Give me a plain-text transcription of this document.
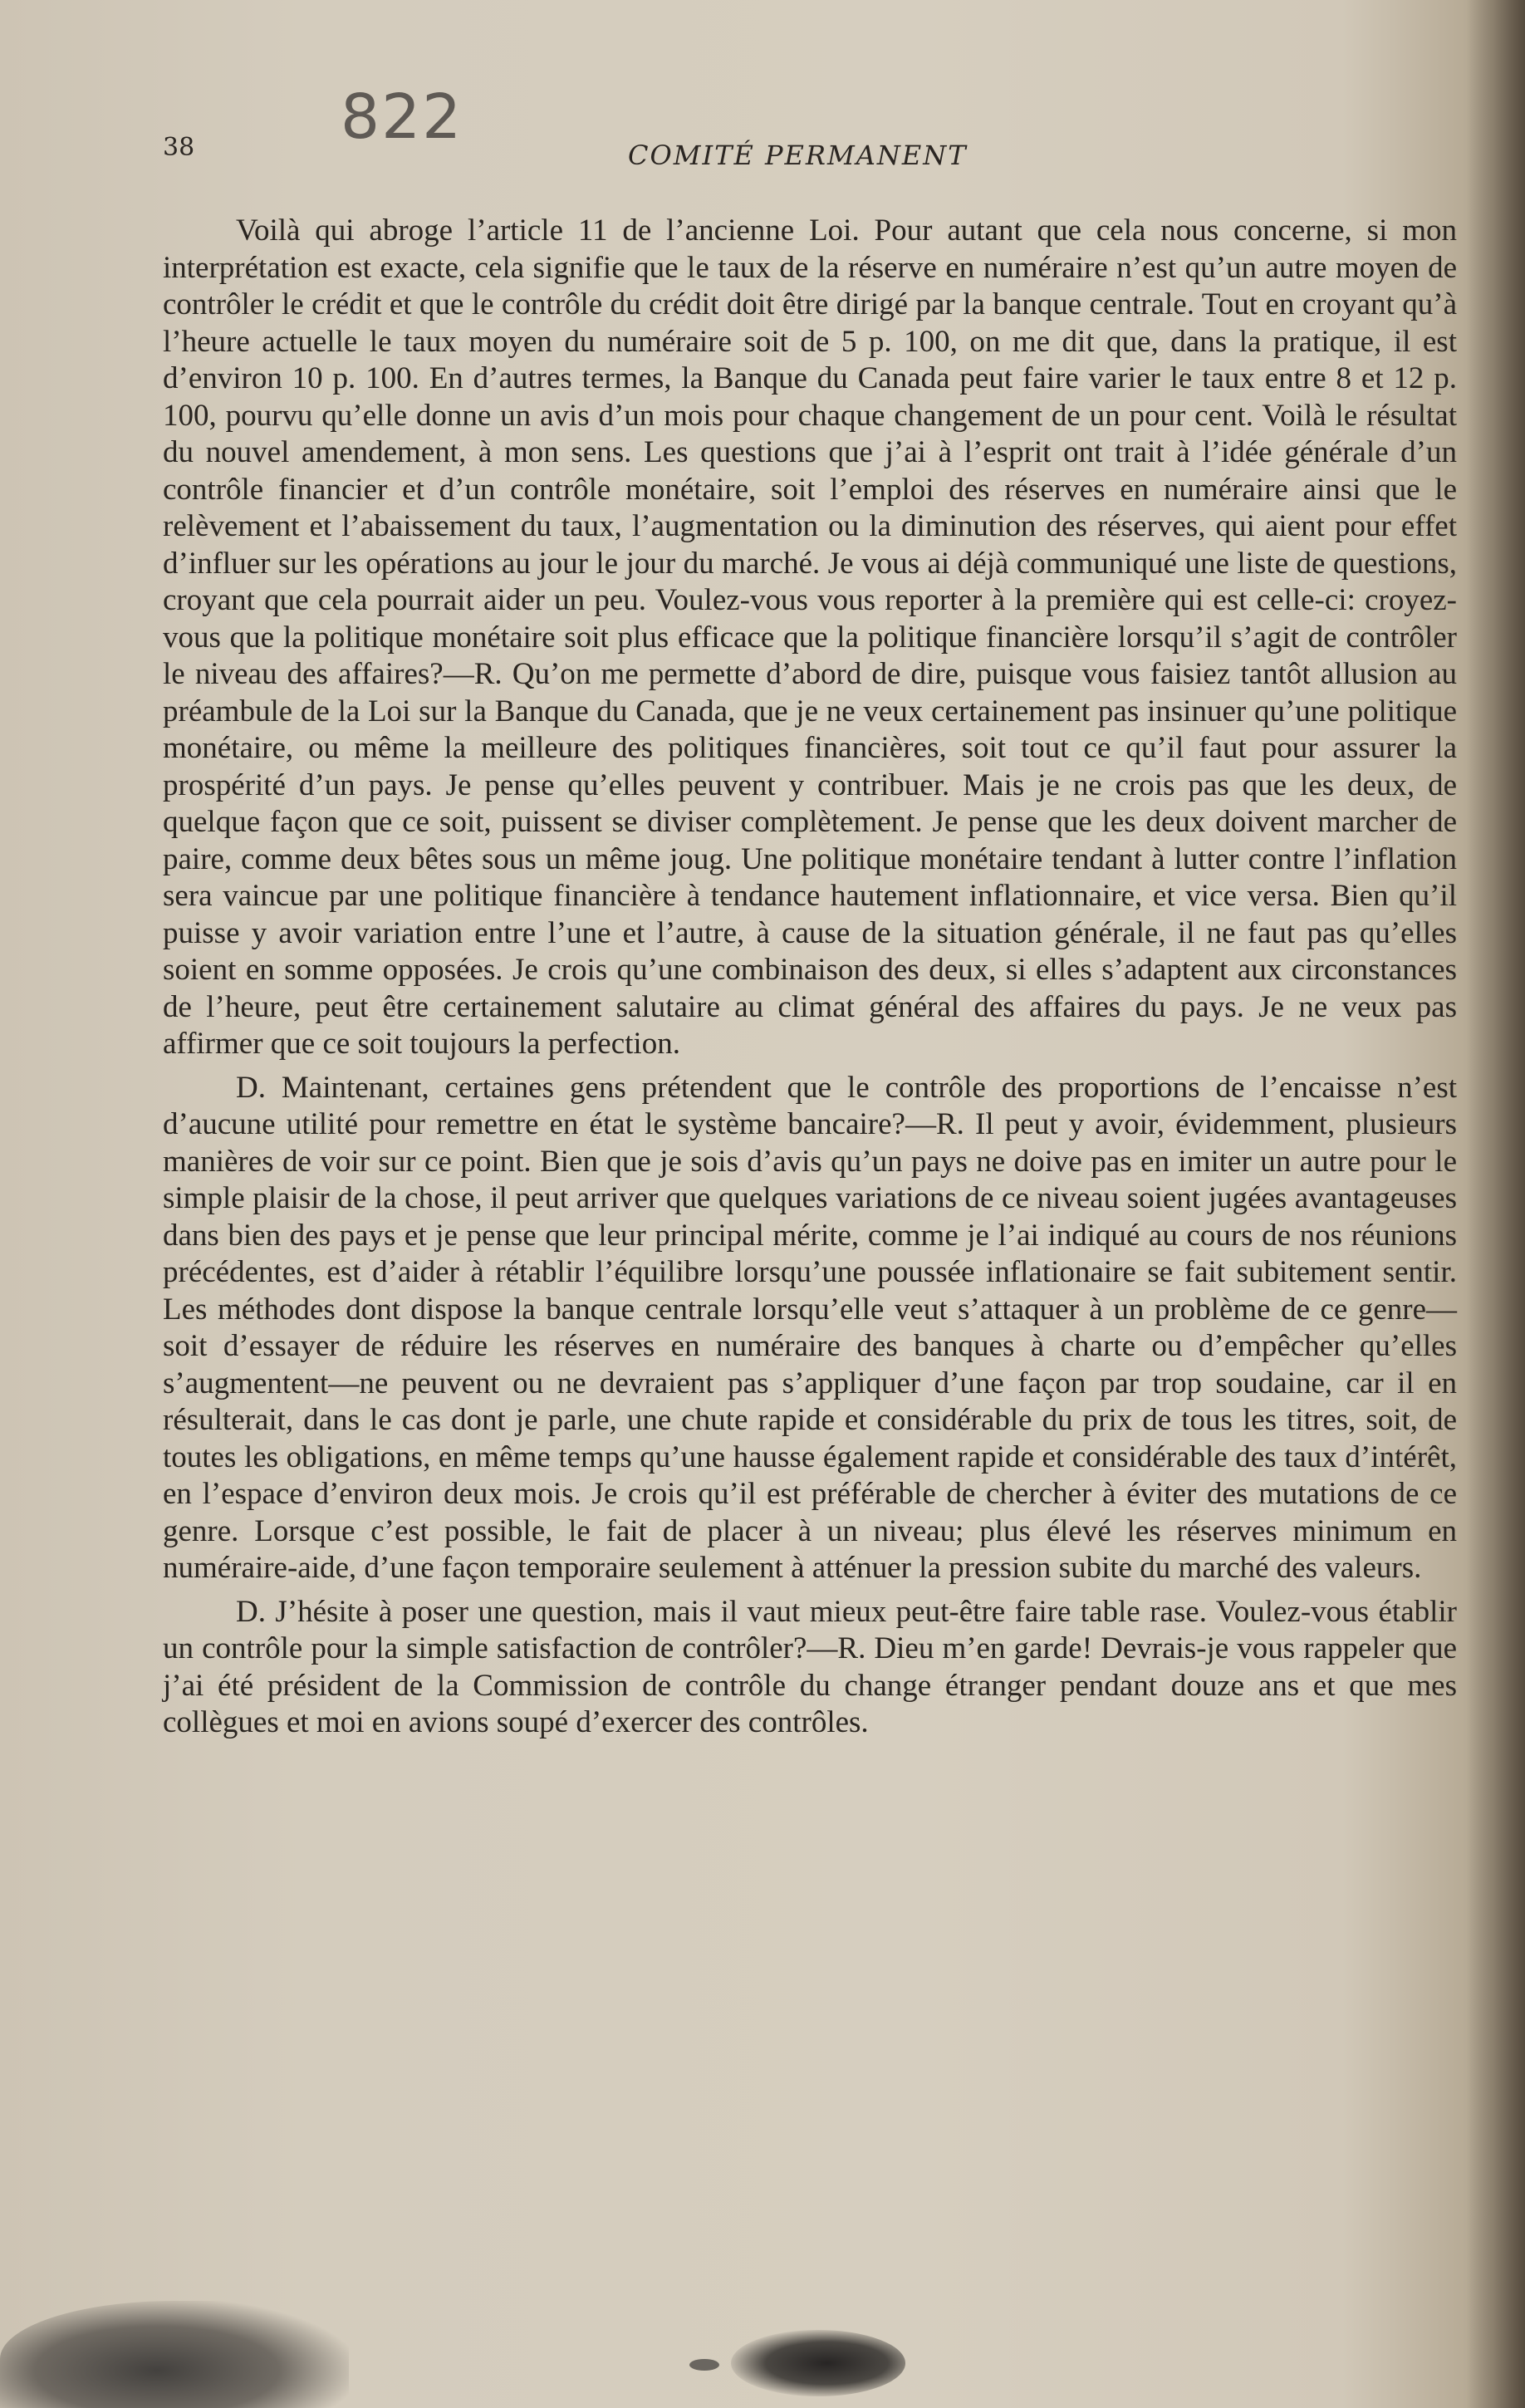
822
38	COMITÉ PERMANENT

Voilà qui abroge l’article 11 de l’ancienne Loi. Pour autant que cela nous concerne, si mon interprétation est exacte, cela signifie que le taux de la réserve en numéraire n’est qu’un autre moyen de contrôler le crédit et que le contrôle du crédit doit être dirigé par la banque centrale. Tout en croyant qu’à l’heure actuelle le taux moyen du numéraire soit de 5 p. 100, on me dit que, dans la pratique, il est d’environ 10 p. 100. En d’autres termes, la Banque du Canada peut faire varier le taux entre 8 et 12 p. 100, pourvu qu’elle donne un avis d’un mois pour chaque changement de un pour cent. Voilà le résultat du nouvel amendement, à mon sens. Les questions que j’ai à l’esprit ont trait à l’idée générale d’un contrôle financier et d’un contrôle monétaire, soit l’emploi des réserves en numéraire ainsi que le relèvement et l’abaissement du taux, l’augmentation ou la diminution des réserves, qui aient pour effet d’influer sur les opérations au jour le jour du marché. Je vous ai déjà communiqué une liste de questions, croyant que cela pourrait aider un peu. Voulez-vous vous reporter à la première qui est celle-ci: croyez-vous que la politique monétaire soit plus efficace que la politique financière lorsqu’il s’agit de contrôler le niveau des affaires?—R. Qu’on me permette d’abord de dire, puisque vous faisiez tantôt allusion au préambule de la Loi sur la Banque du Canada, que je ne veux certainement pas insinuer qu’une politique monétaire, ou même la meilleure des politiques financières, soit tout ce qu’il faut pour assurer la prospérité d’un pays. Je pense qu’elles peuvent y contribuer. Mais je ne crois pas que les deux, de quelque façon que ce soit, puissent se diviser complètement. Je pense que les deux doivent marcher de paire, comme deux bêtes sous un même joug. Une politique monétaire tendant à lutter contre l’inflation sera vaincue par une politique financière à tendance hautement inflationnaire, et vice versa. Bien qu’il puisse y avoir variation entre l’une et l’autre, à cause de la situation générale, il ne faut pas qu’elles soient en somme opposées. Je crois qu’une combinaison des deux, si elles s’adaptent aux circonstances de l’heure, peut être certainement salutaire au climat général des affaires du pays. Je ne veux pas affirmer que ce soit toujours la perfection.

D. Maintenant, certaines gens prétendent que le contrôle des proportions de l’encaisse n’est d’aucune utilité pour remettre en état le système bancaire?—R. Il peut y avoir, évidemment, plusieurs manières de voir sur ce point. Bien que je sois d’avis qu’un pays ne doive pas en imiter un autre pour le simple plaisir de la chose, il peut arriver que quelques variations de ce niveau soient jugées avantageuses dans bien des pays et je pense que leur principal mérite, comme je l’ai indiqué au cours de nos réunions précédentes, est d’aider à rétablir l’équilibre lorsqu’une poussée inflationaire se fait subitement sentir. Les méthodes dont dispose la banque centrale lorsqu’elle veut s’attaquer à un problème de ce genre—soit d’essayer de réduire les réserves en numéraire des banques à charte ou d’empêcher qu’elles s’augmentent—ne peuvent ou ne devraient pas s’appliquer d’une façon par trop soudaine, car il en résulterait, dans le cas dont je parle, une chute rapide et considérable du prix de tous les titres, soit, de toutes les obligations, en même temps qu’une hausse également rapide et considérable des taux d’intérêt, en l’espace d’environ deux mois. Je crois qu’il est préférable de chercher à éviter des mutations de ce genre. Lorsque c’est possible, le fait de placer à un niveau; plus élevé les réserves minimum en numéraire-aide, d’une façon temporaire seulement à atténuer la pression subite du marché des valeurs.

D. J’hésite à poser une question, mais il vaut mieux peut-être faire table rase. Voulez-vous établir un contrôle pour la simple satisfaction de contrôler?—R. Dieu m’en garde! Devrais-je vous rappeler que j’ai été président de la Commission de contrôle du change étranger pendant douze ans et que mes collègues et moi en avions soupé d’exercer des contrôles.
